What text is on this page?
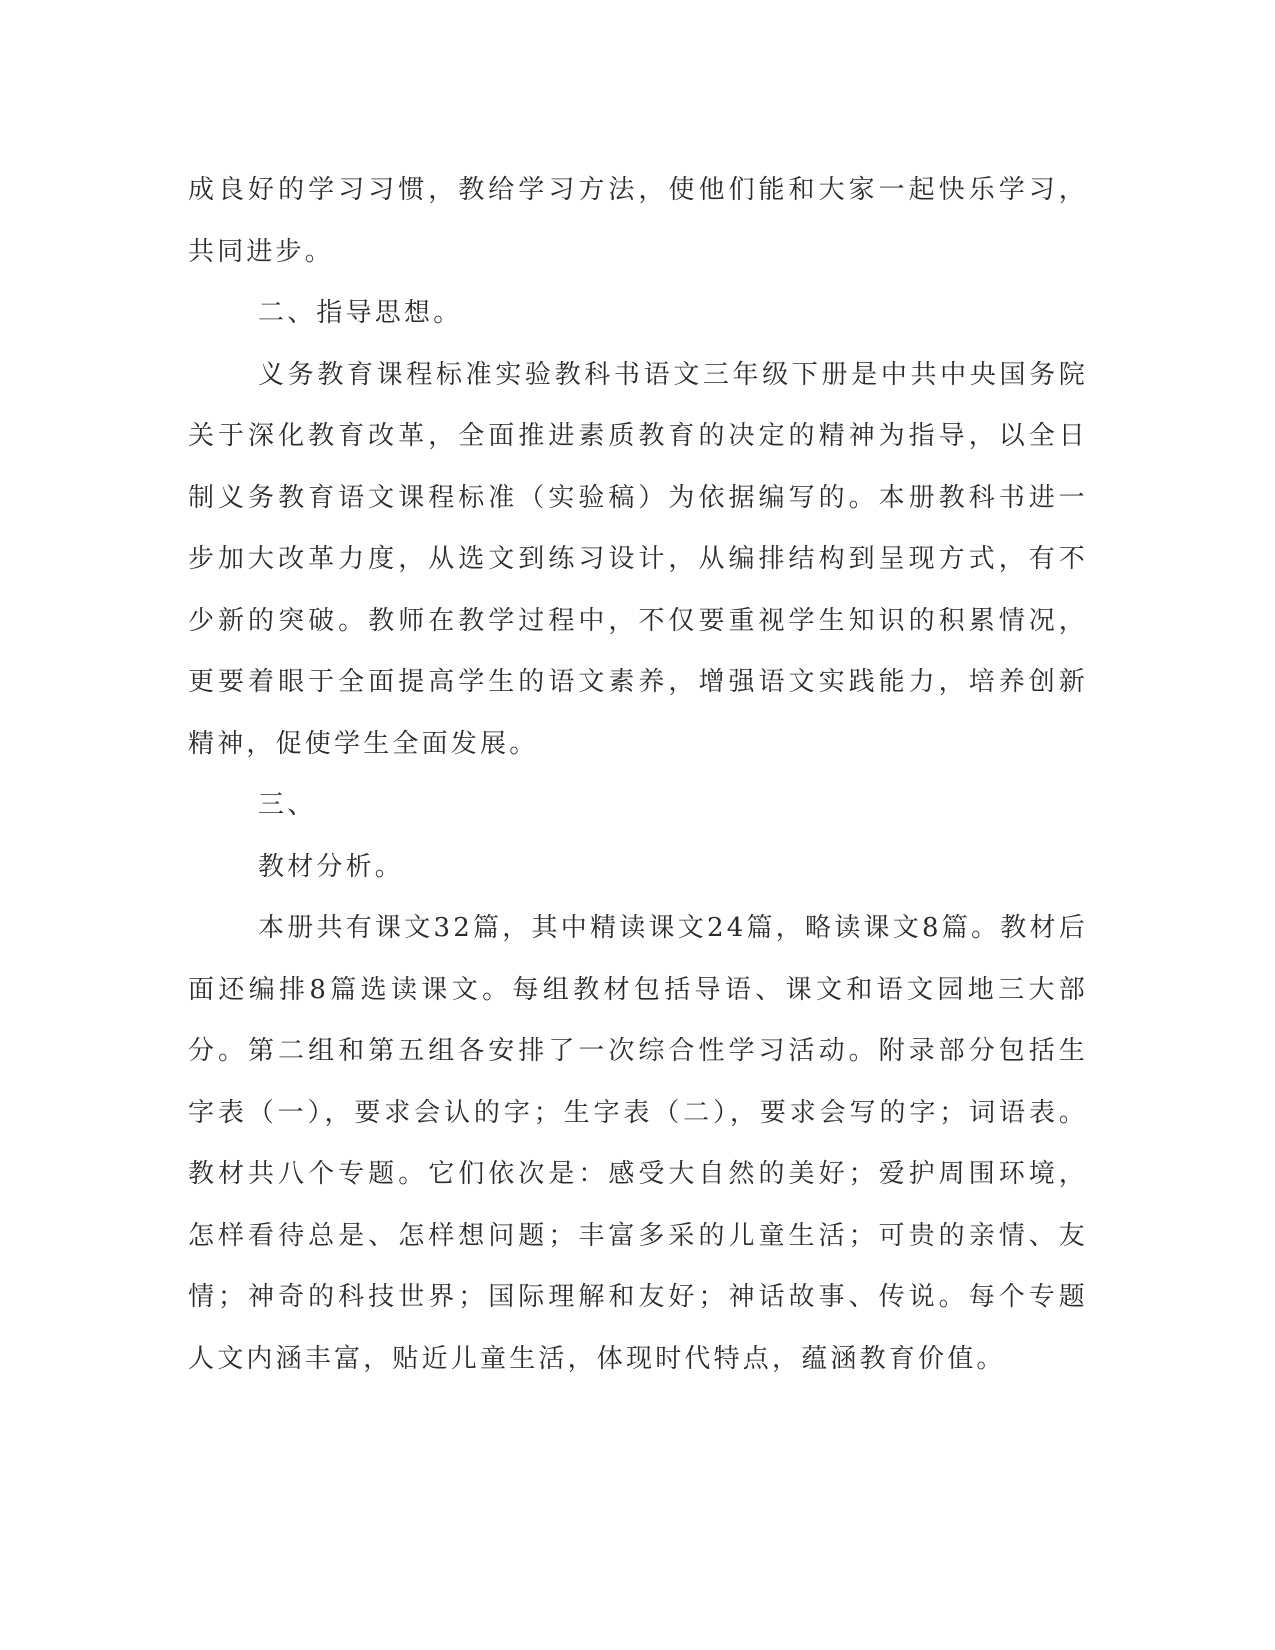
成良好的学习习惯，教给学习方法，使他们能和大家一起快乐学习，共同进步。

二、指导思想。

义务教育课程标准实验教科书语文三年级下册是中共中央国务院关于深化教育改革，全面推进素质教育的决定的精神为指导，以全日制义务教育语文课程标准（实验稿）为依据编写的。本册教科书进一步加大改革力度，从选文到练习设计，从编排结构到呈现方式，有不少新的突破。教师在教学过程中，不仅要重视学生知识的积累情况，更要着眼于全面提高学生的语文素养，增强语文实践能力，培养创新精神，促使学生全面发展。

三、

教材分析。

本册共有课文32篇，其中精读课文24篇，略读课文8篇。教材后面还编排8篇选读课文。每组教材包括导语、课文和语文园地三大部分。第二组和第五组各安排了一次综合性学习活动。附录部分包括生字表（一），要求会认的字；生字表（二），要求会写的字；词语表。教材共八个专题。它们依次是：感受大自然的美好；爱护周围环境，怎样看待总是、怎样想问题；丰富多采的儿童生活；可贵的亲情、友情；神奇的科技世界；国际理解和友好；神话故事、传说。每个专题人文内涵丰富，贴近儿童生活，体现时代特点，蕴涵教育价值。
